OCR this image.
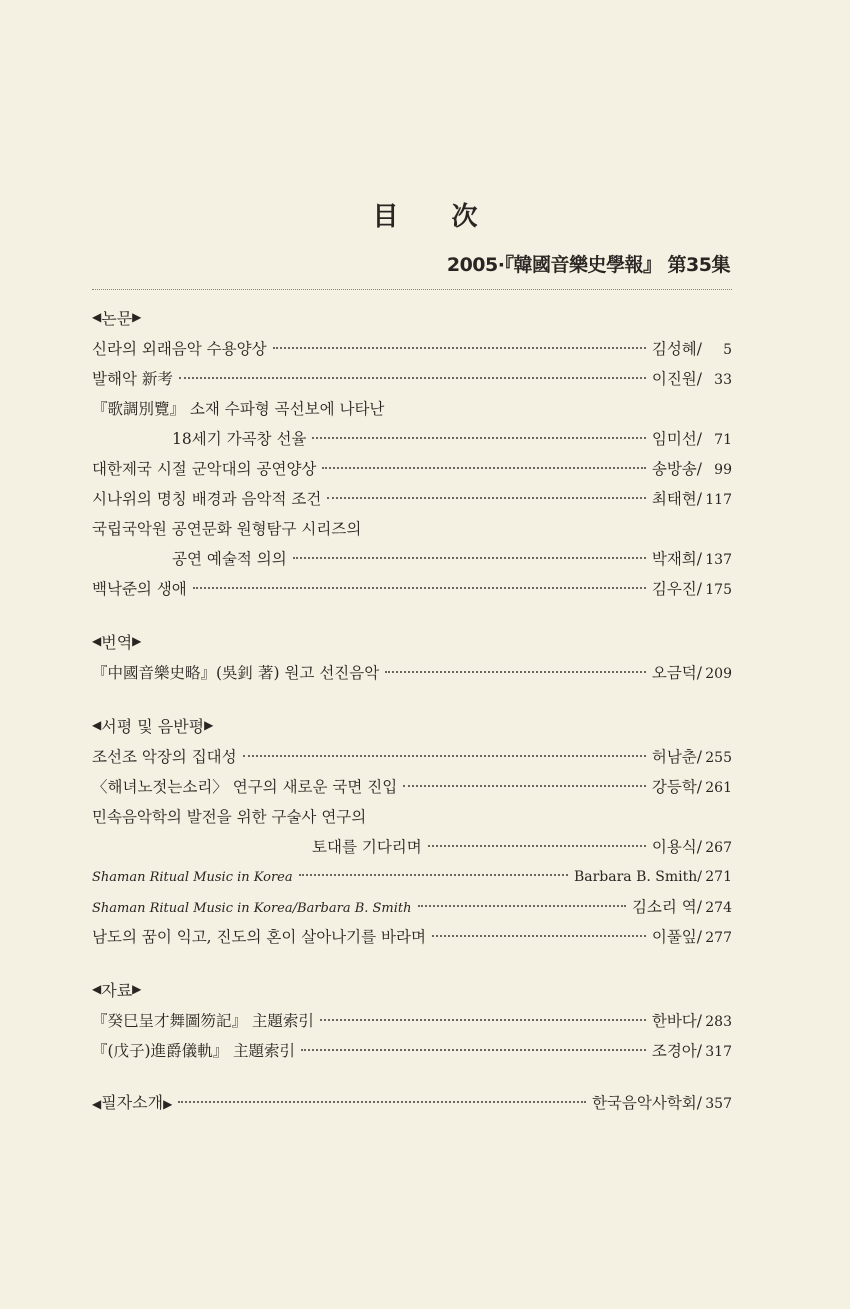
目 次
2005·『韓國音樂史學報』 第35集
◀ 논문 ▶
신라의 외래음악 수용양상	김성혜/	5
발해악 新考	이진원/ 33
『歌調別覽』 소재 수파형 곡선보에 나타난
18세기 가곡창 선율	임미선/ 71
대한제국 시절 군악대의 공연양상	송방송/ 99
시나위의 명칭 배경과 음악적 조건	최태현/ 117
국립국악원 공연문화 원형탐구 시리즈의
공연 예술적 의의	박재희/ 137
백낙준의 생애	김우진/ 175
◀ 번역 ▶
『中國音樂史略』(吳釗 著) 원고 선진음악	오금덕/ 209
◀ 서평 및 음반평 ▶
조선조 악장의 집대성	허남춘/ 255
〈해녀노젓는소리〉 연구의 새로운 국면 진입	강등학/ 261
민속음악학의 발전을 위한 구술사 연구의
토대를 기다리며	이용식/ 267
Shaman Ritual Music in Korea	Barbara B. Smith/ 271
Shaman Ritual Music in Korea/Barbara B. Smith	김소리 역/ 274
남도의 꿈이 익고, 진도의 혼이 살아나기를 바라며	이풀잎/ 277
◀ 자료 ▶
『癸巳呈才舞圖笏記』 主題索引	한바다/ 283
『(戊子)進爵儀軌』 主題索引	조경아/ 317
◀ 필자소개 ▶	한국음악사학회/ 357
